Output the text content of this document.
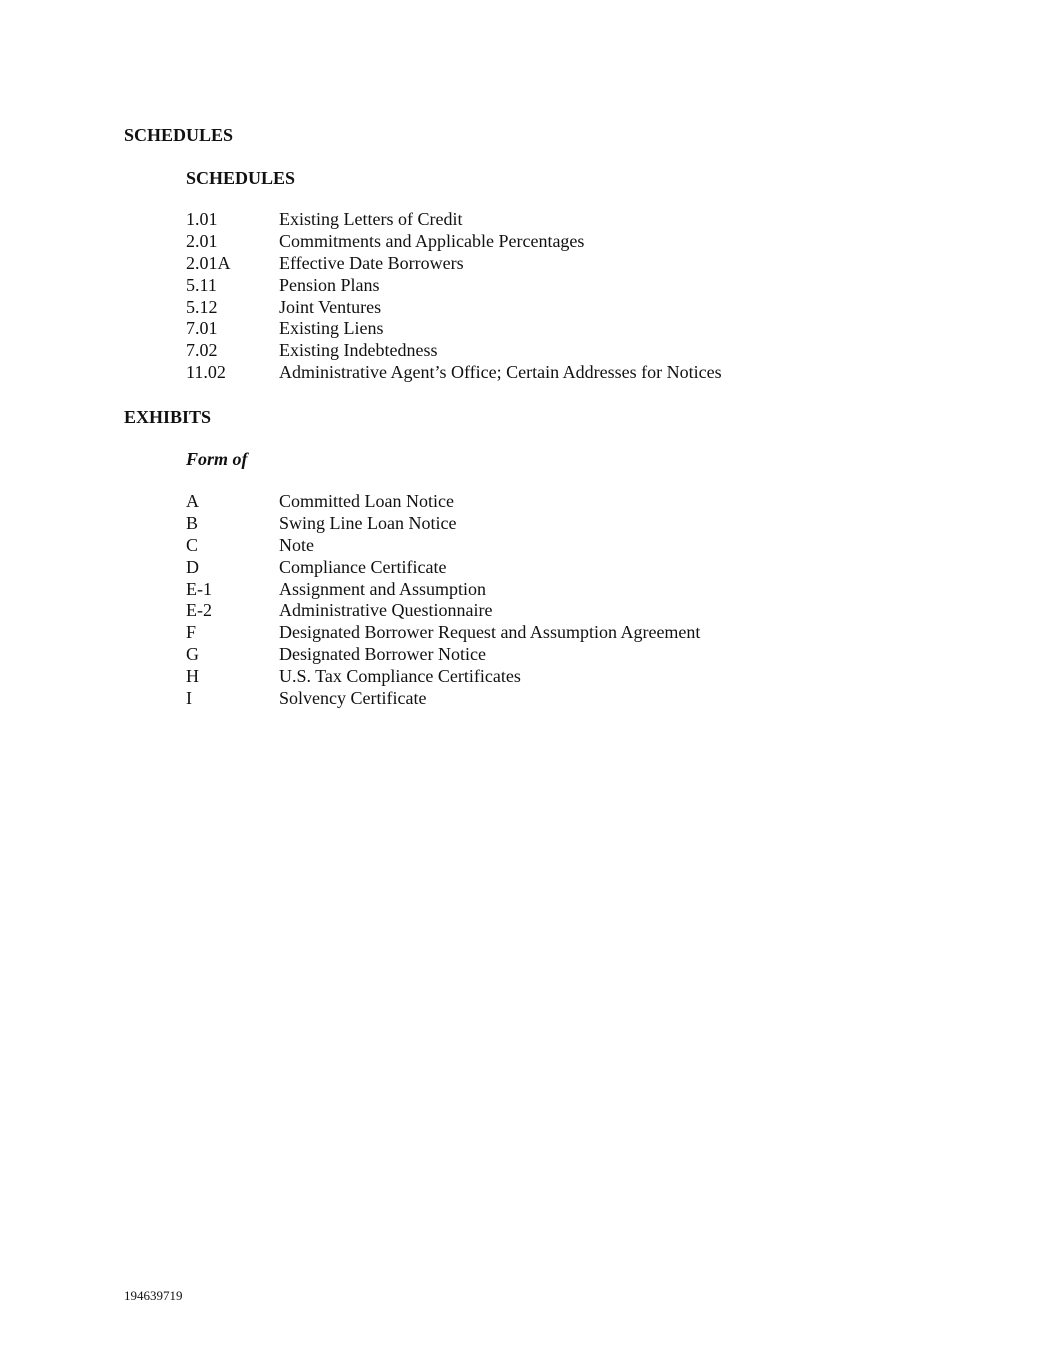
SCHEDULES
SCHEDULES
1.01	Existing Letters of Credit
2.01	Commitments and Applicable Percentages
2.01A	Effective Date Borrowers
5.11	Pension Plans
5.12	Joint Ventures
7.01	Existing Liens
7.02	Existing Indebtedness
11.02	Administrative Agent’s Office; Certain Addresses for Notices
EXHIBITS
Form of
A	Committed Loan Notice
B	Swing Line Loan Notice
C	Note
D	Compliance Certificate
E-1	Assignment and Assumption
E-2	Administrative Questionnaire
F	Designated Borrower Request and Assumption Agreement
G	Designated Borrower Notice
H	U.S. Tax Compliance Certificates
I	Solvency Certificate
194639719
